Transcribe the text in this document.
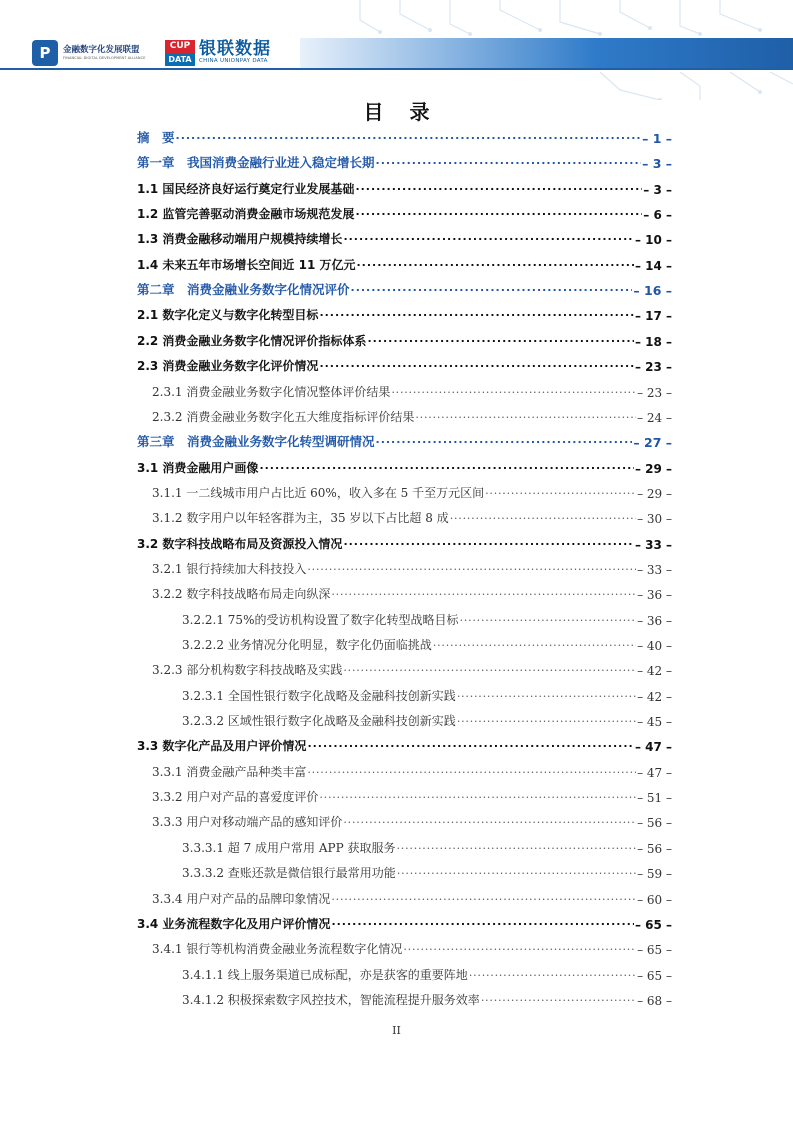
P	金融数字化发展联盟
FINANCIAL DIGITAL DEVELOPMENT ALLIANCE
CUP
DATA
银联数据
CHINA UNIONPAY DATA
目录
摘　要 .....	– 1 –
第一章　我国消费金融行业进入稳定增长期 .....	– 3 –
1.1 国民经济良好运行奠定行业发展基础 .....	– 3 –
1.2 监管完善驱动消费金融市场规范发展 .....	– 6 –
1.3 消费金融移动端用户规模持续增长 .....	– 10 –
1.4 未来五年市场增长空间近 11 万亿元 .....	– 14 –
第二章　消费金融业务数字化情况评价 .....	– 16 –
2.1 数字化定义与数字化转型目标 .....	– 17 –
2.2 消费金融业务数字化情况评价指标体系 .....	– 18 –
2.3 消费金融业务数字化评价情况 .....	– 23 –
2.3.1 消费金融业务数字化情况整体评价结果 .....	– 23 –
2.3.2 消费金融业务数字化五大维度指标评价结果 .....	– 24 –
第三章　消费金融业务数字化转型调研情况 .....	– 27 –
3.1 消费金融用户画像 .....	– 29 –
3.1.1 一二线城市用户占比近 60%，收入多在 5 千至万元区间 .....	– 29 –
3.1.2 数字用户以年轻客群为主，35 岁以下占比超 8 成 .....	– 30 –
3.2 数字科技战略布局及资源投入情况 .....	– 33 –
3.2.1 银行持续加大科技投入 .....	– 33 –
3.2.2 数字科技战略布局走向纵深 .....	– 36 –
3.2.2.1 75%的受访机构设置了数字化转型战略目标 .....	– 36 –
3.2.2.2 业务情况分化明显，数字化仍面临挑战 .....	– 40 –
3.2.3 部分机构数字科技战略及实践 .....	– 42 –
3.2.3.1 全国性银行数字化战略及金融科技创新实践 .....	– 42 –
3.2.3.2 区域性银行数字化战略及金融科技创新实践 .....	– 45 –
3.3 数字化产品及用户评价情况 .....	– 47 –
3.3.1 消费金融产品种类丰富 .....	– 47 –
3.3.2 用户对产品的喜爱度评价 .....	– 51 –
3.3.3 用户对移动端产品的感知评价 .....	– 56 –
3.3.3.1 超 7 成用户常用 APP 获取服务 .....	– 56 –
3.3.3.2 查账还款是微信银行最常用功能 .....	– 59 –
3.3.4 用户对产品的品牌印象情况 .....	– 60 –
3.4 业务流程数字化及用户评价情况 .....	– 65 –
3.4.1 银行等机构消费金融业务流程数字化情况 .....	– 65 –
3.4.1.1 线上服务渠道已成标配，亦是获客的重要阵地 .....	– 65 –
3.4.1.2 积极探索数字风控技术，智能流程提升服务效率 .....	– 68 –
II
